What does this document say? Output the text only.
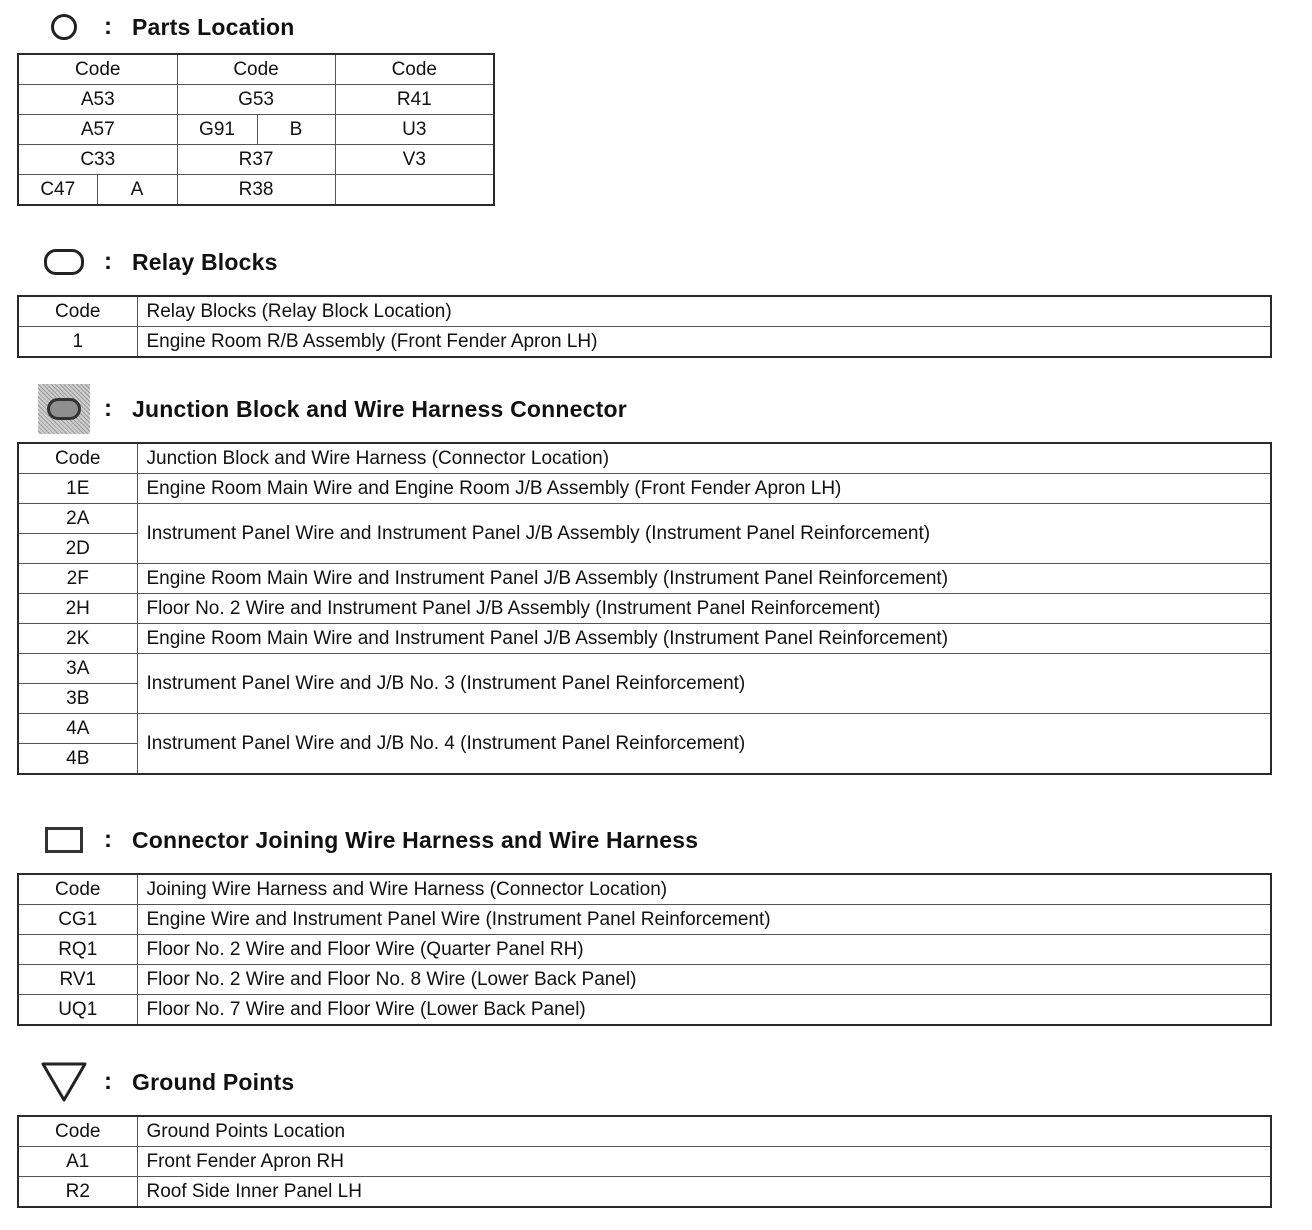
: Parts Location
Code		Code		Code
A53		G53		R41
A57		G91	B	U3
C33		R37		V3
C47	A	R38		
: Relay Blocks
Code	Relay Blocks (Relay Block Location)
1	Engine Room R/B Assembly (Front Fender Apron LH)
: Junction Block and Wire Harness Connector
Code	Junction Block and Wire Harness (Connector Location)
1E	Engine Room Main Wire and Engine Room J/B Assembly (Front Fender Apron LH)
2A	Instrument Panel Wire and Instrument Panel J/B Assembly (Instrument Panel Reinforcement)
2D	
2F	Engine Room Main Wire and Instrument Panel J/B Assembly (Instrument Panel Reinforcement)
2H	Floor No. 2 Wire and Instrument Panel J/B Assembly (Instrument Panel Reinforcement)
2K	Engine Room Main Wire and Instrument Panel J/B Assembly (Instrument Panel Reinforcement)
3A	Instrument Panel Wire and J/B No. 3 (Instrument Panel Reinforcement)
3B	
4A	Instrument Panel Wire and J/B No. 4 (Instrument Panel Reinforcement)
4B	
: Connector Joining Wire Harness and Wire Harness
Code	Joining Wire Harness and Wire Harness (Connector Location)
CG1	Engine Wire and Instrument Panel Wire (Instrument Panel Reinforcement)
RQ1	Floor No. 2 Wire and Floor Wire (Quarter Panel RH)
RV1	Floor No. 2 Wire and Floor No. 8 Wire (Lower Back Panel)
UQ1	Floor No. 7 Wire and Floor Wire (Lower Back Panel)
: Ground Points
Code	Ground Points Location
A1	Front Fender Apron RH
R2	Roof Side Inner Panel LH
